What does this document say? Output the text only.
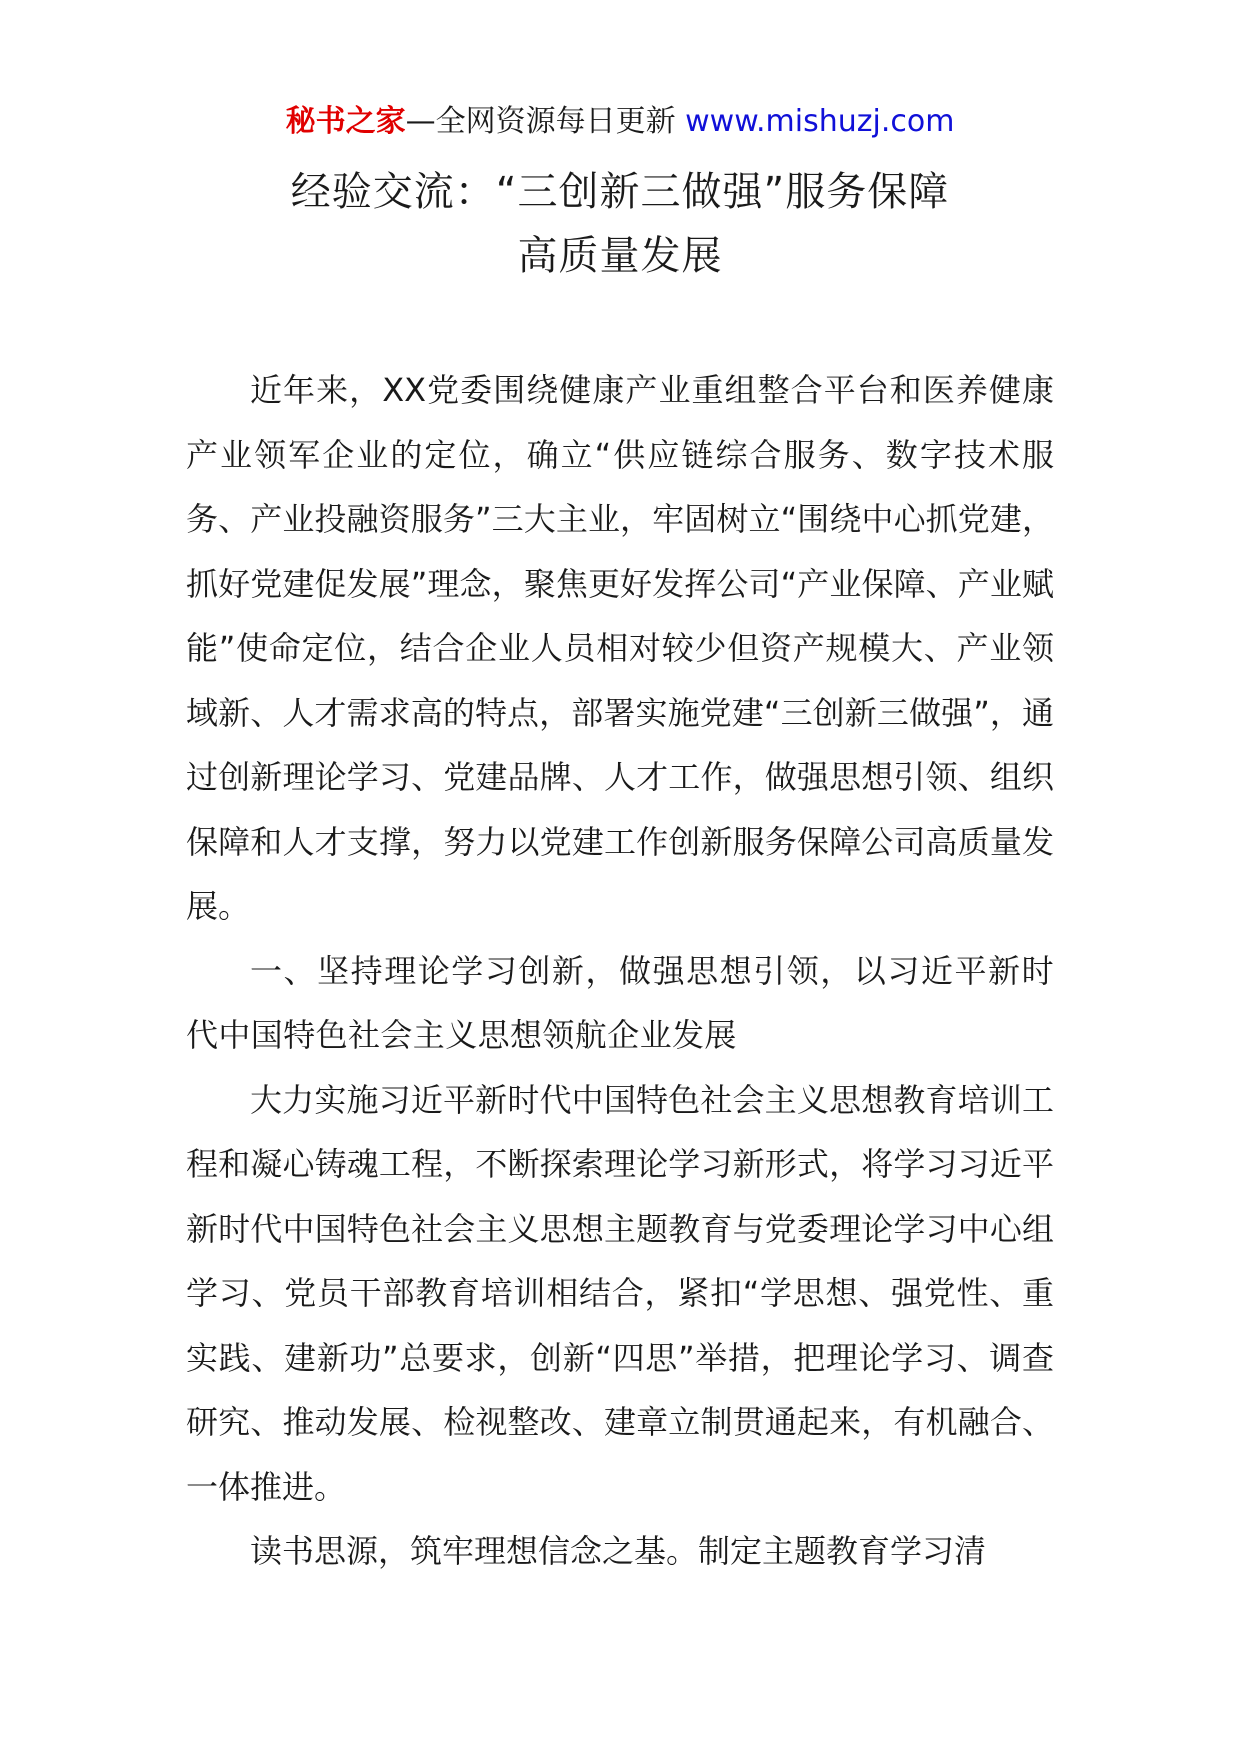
秘书之家—全网资源每日更新 www.mishuzj.com
经验交流：“三创新三做强”服务保障
高质量发展

近年来，XX党委围绕健康产业重组整合平台和医养健康产业领军企业的定位，确立“供应链综合服务、数字技术服务、产业投融资服务”三大主业，牢固树立“围绕中心抓党建，抓好党建促发展”理念，聚焦更好发挥公司“产业保障、产业赋能”使命定位，结合企业人员相对较少但资产规模大、产业领域新、人才需求高的特点，部署实施党建“三创新三做强”，通过创新理论学习、党建品牌、人才工作，做强思想引领、组织保障和人才支撑，努力以党建工作创新服务保障公司高质量发展。

一、坚持理论学习创新，做强思想引领，以习近平新时代中国特色社会主义思想领航企业发展

大力实施习近平新时代中国特色社会主义思想教育培训工程和凝心铸魂工程，不断探索理论学习新形式，将学习习近平新时代中国特色社会主义思想主题教育与党委理论学习中心组学习、党员干部教育培训相结合，紧扣“学思想、强党性、重实践、建新功”总要求，创新“四思”举措，把理论学习、调查研究、推动发展、检视整改、建章立制贯通起来，有机融合、一体推进。

读书思源，筑牢理想信念之基。制定主题教育学习清
